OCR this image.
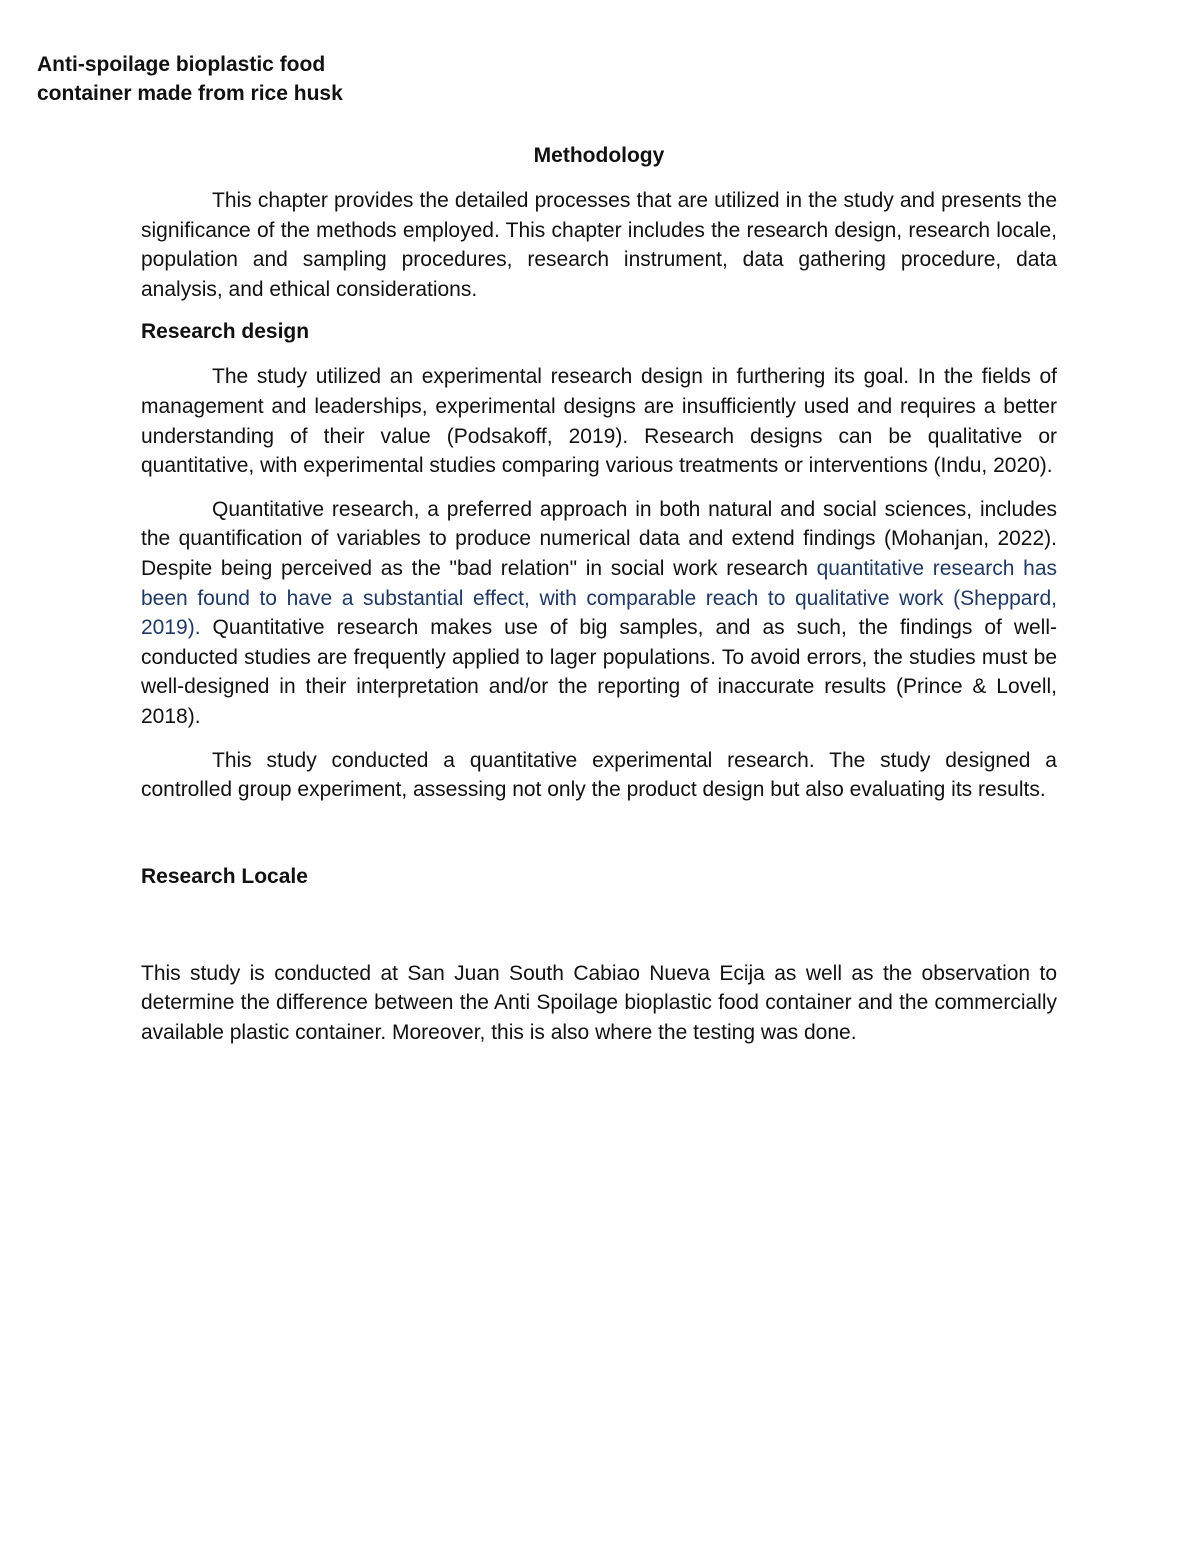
Anti-spoilage bioplastic food
container made from rice husk
Methodology

This chapter provides the detailed processes that are utilized in the study and presents the significance of the methods employed. This chapter includes the research design, research locale, population and sampling procedures, research instrument, data gathering procedure, data analysis, and ethical considerations.

Research design

The study utilized an experimental research design in furthering its goal. In the fields of management and leaderships, experimental designs are insufficiently used and requires a better understanding of their value (Podsakoff, 2019). Research designs can be qualitative or quantitative, with experimental studies comparing various treatments or interventions (Indu, 2020).

Quantitative research, a preferred approach in both natural and social sciences, includes the quantification of variables to produce numerical data and extend findings (Mohanjan, 2022). Despite being perceived as the "bad relation" in social work research quantitative research has been found to have a substantial effect, with comparable reach to qualitative work (Sheppard, 2019). Quantitative research makes use of big samples, and as such, the findings of well-conducted studies are frequently applied to lager populations. To avoid errors, the studies must be well-designed in their interpretation and/or the reporting of inaccurate results (Prince & Lovell, 2018).

This study conducted a quantitative experimental research. The study designed a controlled group experiment, assessing not only the product design but also evaluating its results.

Research Locale

This study is conducted at San Juan South Cabiao Nueva Ecija as well as the observation to determine the difference between the Anti Spoilage bioplastic food container and the commercially available plastic container. Moreover, this is also where the testing was done.
